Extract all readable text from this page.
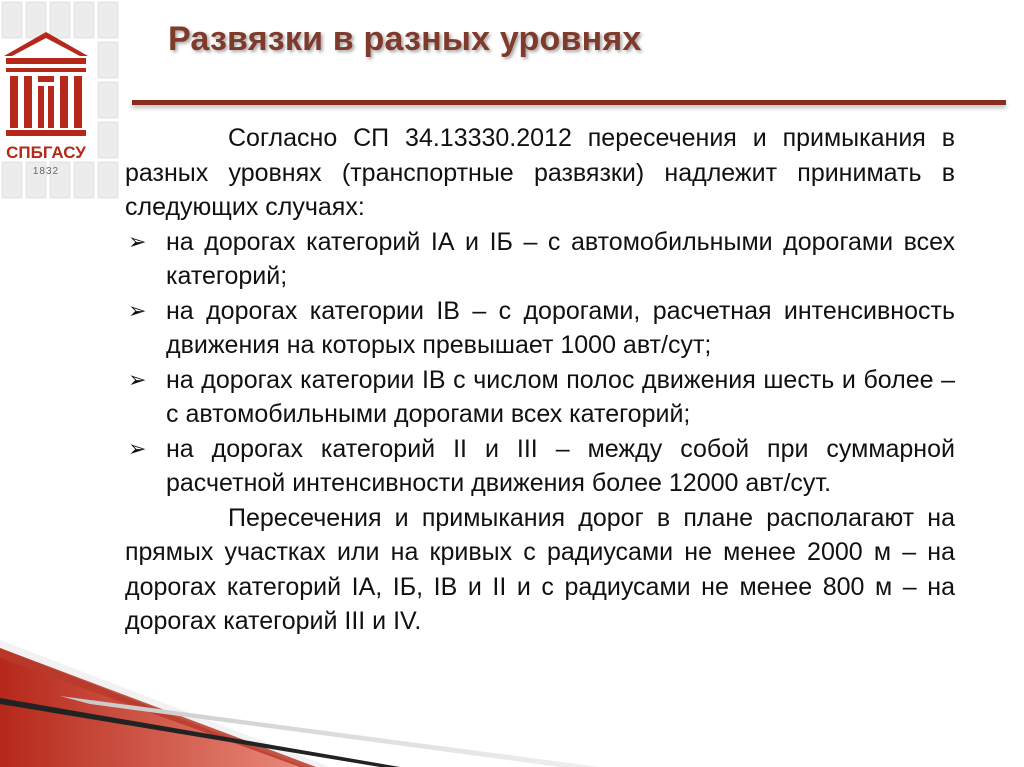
СПБГАСУ
1832
Развязки в разных уровнях

Согласно СП 34.13330.2012 пересечения и примыкания в разных уровнях (транспортные развязки) надлежит принимать в следующих случаях:

➢ на дорогах категорий IА и IБ – с автомобильными дорогами всех категорий;
➢ на дорогах категории IВ – с дорогами, расчетная интенсивность движения на которых превышает 1000 авт/сут;
➢ на дорогах категории IВ с числом полос движения шесть и более – с автомобильными дорогами всех категорий;
➢ на дорогах категорий II и III – между собой при суммарной расчетной интенсивности движения более 12000 авт/сут.

Пересечения и примыкания дорог в плане располагают на прямых участках или на кривых с радиусами не менее 2000 м – на дорогах категорий IА, IБ, IВ и II и с радиусами не менее 800 м – на дорогах категорий III и IV.
